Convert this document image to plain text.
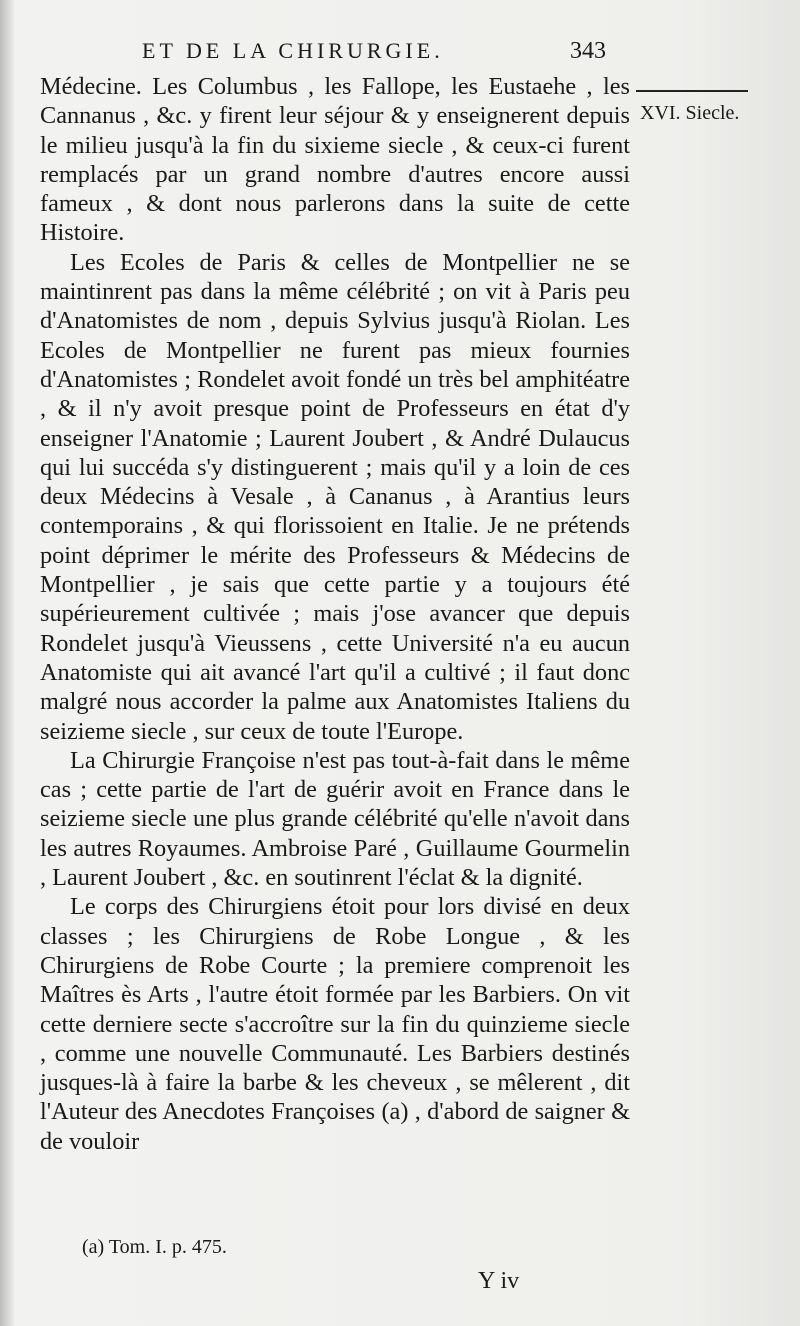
ET DE LA CHIRURGIE.	343
XVI. Siecle.

Médecine. Les Columbus , les Fallope, les Eustaehe , les Cannanus , &c. y firent leur séjour & y enseignerent depuis le milieu jusqu'à la fin du sixieme siecle , & ceux-ci furent remplacés par un grand nombre d'autres encore aussi fameux , & dont nous parlerons dans la suite de cette Histoire.

Les Ecoles de Paris & celles de Montpellier ne se maintinrent pas dans la même célébrité ; on vit à Paris peu d'Anatomistes de nom , depuis Sylvius jusqu'à Riolan. Les Ecoles de Montpellier ne furent pas mieux fournies d'Anatomistes ; Rondelet avoit fondé un très bel amphitéatre , & il n'y avoit presque point de Professeurs en état d'y enseigner l'Anatomie ; Laurent Joubert , & André Dulaucus qui lui succéda s'y distinguerent ; mais qu'il y a loin de ces deux Médecins à Vesale , à Cananus , à Arantius leurs contemporains , & qui florissoient en Italie. Je ne prétends point déprimer le mérite des Professeurs & Médecins de Montpellier , je sais que cette partie y a toujours été supérieurement cultivée ; mais j'ose avancer que depuis Rondelet jusqu'à Vieussens , cette Université n'a eu aucun Anatomiste qui ait avancé l'art qu'il a cultivé ; il faut donc malgré nous accorder la palme aux Anatomistes Italiens du seizieme siecle , sur ceux de toute l'Europe.

La Chirurgie Françoise n'est pas tout-à-fait dans le même cas ; cette partie de l'art de guérir avoit en France dans le seizieme siecle une plus grande célébrité qu'elle n'avoit dans les autres Royaumes. Ambroise Paré , Guillaume Gourmelin , Laurent Joubert , &c. en soutinrent l'éclat & la dignité.

Le corps des Chirurgiens étoit pour lors divisé en deux classes ; les Chirurgiens de Robe Longue , & les Chirurgiens de Robe Courte ; la premiere comprenoit les Maîtres ès Arts , l'autre étoit formée par les Barbiers. On vit cette derniere secte s'accroître sur la fin du quinzieme siecle , comme une nouvelle Communauté. Les Barbiers destinés jusques-là à faire la barbe & les cheveux , se mêlerent , dit l'Auteur des Anecdotes Françoises (a) , d'abord de saigner & de vouloir

(a) Tom. I. p. 475.
Y iv
